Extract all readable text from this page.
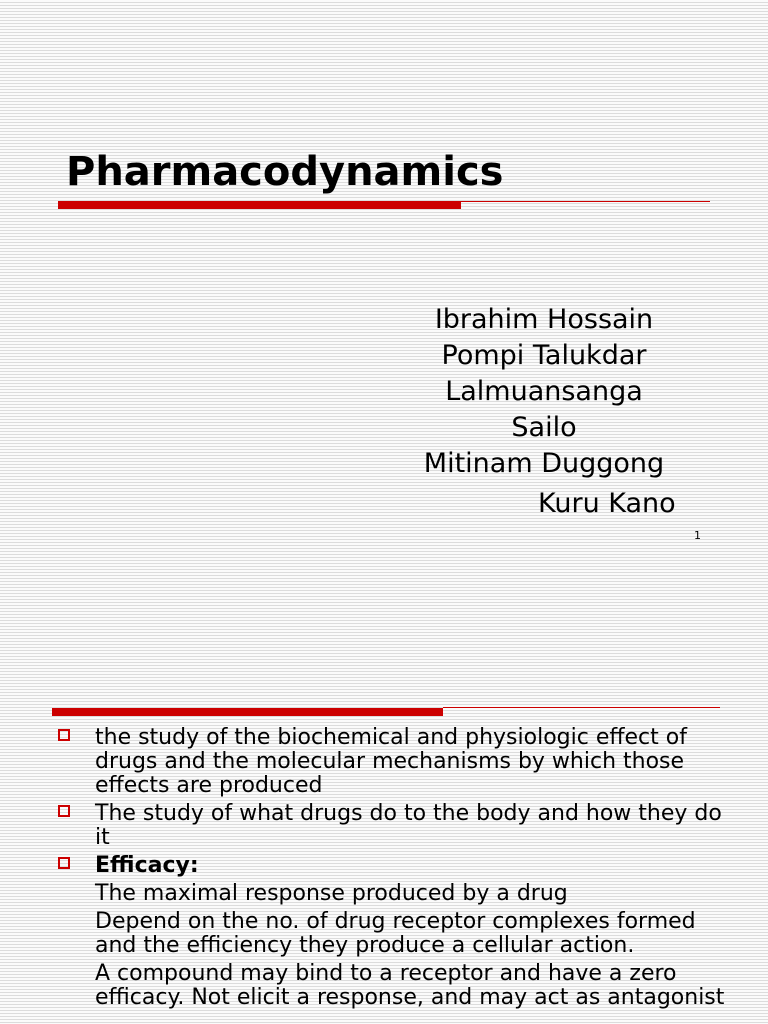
Pharmacodynamics
Ibrahim Hossain
Pompi Talukdar
Lalmuansanga
Sailo
Mitinam Duggong
Kuru Kano
1
the study of the biochemical and physiologic effect of drugs and the molecular mechanisms by which those effects are produced
The study of what drugs do to the body and how they do it
Efficacy:
The maximal response produced by a drug
Depend on the no. of drug receptor complexes formed and the efficiency they produce a cellular action.
A compound may bind to a receptor and have a zero efficacy. Not elicit a response, and may act as antagonist
